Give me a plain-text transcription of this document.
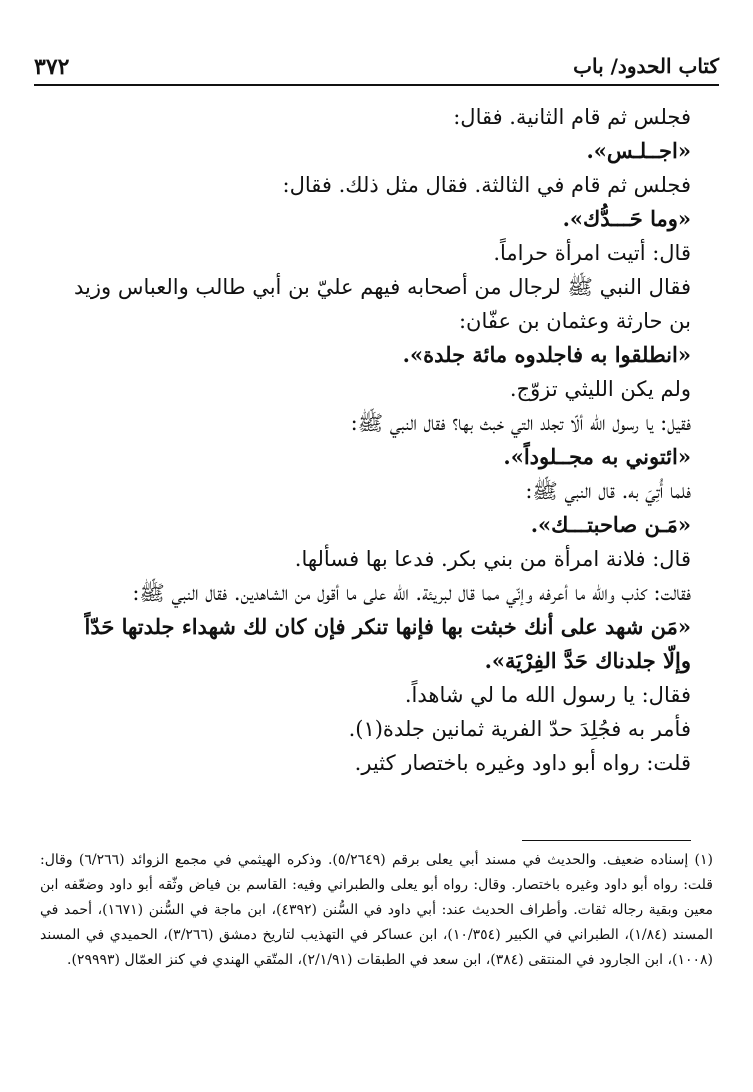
كتاب الحدود/ باب
٣٧٢
فجلس ثم قام الثانية. فقال:
«اجــلـس».
فجلس ثم قام في الثالثة. فقال مثل ذلك. فقال:
«وما حَـــدُّك».
قال: أتيت امرأة حراماً.
فقال النبي ﷺ لرجال من أصحابه فيهم عليّ بن أبي طالب والعباس وزيد بن حارثة وعثمان بن عفّان:
«انطلقوا به فاجلدوه مائة جلدة».
ولم يكن الليثي تزوّج.
فقيل: يا رسول الله ألّا تجلد التي خبث بها؟ فقال النبي ﷺ:
«ائتوني به مجــلوداً».
فلما أُتِيَ به. قال النبي ﷺ:
«مَـن صاحبتـــك».
قال: فلانة امرأة من بني بكر. فدعا بها فسألها.
فقالت: كذب والله ما أعرفه وإنّي مما قال لبريئة. الله على ما أقول من الشاهدين. فقال النبي ﷺ:
«مَن شهد على أنك خبثت بها فإنها تنكر فإن كان لك شهداء جلدتها حَدّاً وإلّا جلدناك حَدَّ الفِرْيَة».
فقال: يا رسول الله ما لي شاهداً.
فأمر به فجُلِدَ حدّ الفرية ثمانين جلدة(١).
قلت: رواه أبو داود وغيره باختصار كثير.
(١) إسناده ضعيف. والحديث في مسند أبي يعلى برقم (٥/٢٦٤٩). وذكره الهيثمي في مجمع الزوائد (٦/٢٦٦) وقال: قلت: رواه أبو داود وغيره باختصار. وقال: رواه أبو يعلى والطبراني وفيه: القاسم بن فياض وثّقه أبو داود وضعّفه ابن معين وبقية رجاله ثقات. وأطراف الحديث عند: أبي داود في السُّنن (٤٣٩٢)، ابن ماجة في السُّنن (١٦٧١)، أحمد في المسند (١/٨٤)، الطبراني في الكبير (١٠/٣٥٤)، ابن عساكر في التهذيب لتاريخ دمشق (٣/٢٦٦)، الحميدي في المسند (١٠٠٨)، ابن الجارود في المنتقى (٣٨٤)، ابن سعد في الطبقات (٢/١/٩١)، المتّقي الهندي في كنز العمّال (٢٩٩٩٣).
